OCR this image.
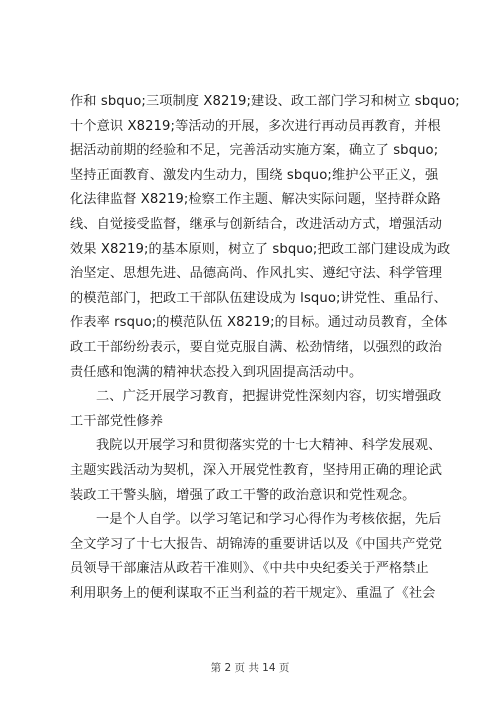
作和 sbquo;三项制度 X8219;建设、政工部门学习和树立 sbquo;
十个意识 X8219;等活动的开展，多次进行再动员再教育，并根
据活动前期的经验和不足，完善活动实施方案，确立了 sbquo;
坚持正面教育、激发内生动力，围绕 sbquo;维护公平正义，强
化法律监督 X8219;检察工作主题、解决实际问题，坚持群众路
线、自觉接受监督，继承与创新结合，改进活动方式，增强活动
效果 X8219;的基本原则，树立了 sbquo;把政工部门建设成为政
治坚定、思想先进、品德高尚、作风扎实、遵纪守法、科学管理
的模范部门，把政工干部队伍建设成为 lsquo;讲党性、重品行、
作表率 rsquo;的模范队伍 X8219;的目标。通过动员教育，全体
政工干部纷纷表示，要自觉克服自满、松劲情绪，以强烈的政治
责任感和饱满的精神状态投入到巩固提高活动中。
二、广泛开展学习教育，把握讲党性深刻内容，切实增强政
工干部党性修养
我院以开展学习和贯彻落实党的十七大精神、科学发展观、
主题实践活动为契机，深入开展党性教育，坚持用正确的理论武
装政工干警头脑，增强了政工干警的政治意识和党性观念。
一是个人自学。以学习笔记和学习心得作为考核依据，先后
全文学习了十七大报告、胡锦涛的重要讲话以及《中国共产党党
员领导干部廉洁从政若干准则》、《中共中央纪委关于严格禁止
利用职务上的便利谋取不正当利益的若干规定》、重温了《社会
第 2 页 共 14 页
